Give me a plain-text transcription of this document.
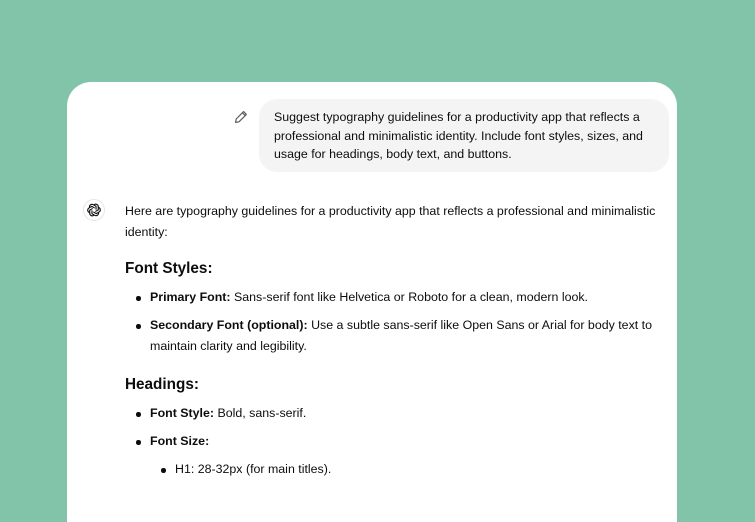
Suggest typography guidelines for a productivity app that reflects a professional and minimalistic identity. Include font styles, sizes, and usage for headings, body text, and buttons.

Here are typography guidelines for a productivity app that reflects a professional and minimalistic identity:

Font Styles:
Primary Font: Sans-serif font like Helvetica or Roboto for a clean, modern look.
Secondary Font (optional): Use a subtle sans-serif like Open Sans or Arial for body text to maintain clarity and legibility.
Headings:
Font Style: Bold, sans-serif.
Font Size:
H1: 28-32px (for main titles).
